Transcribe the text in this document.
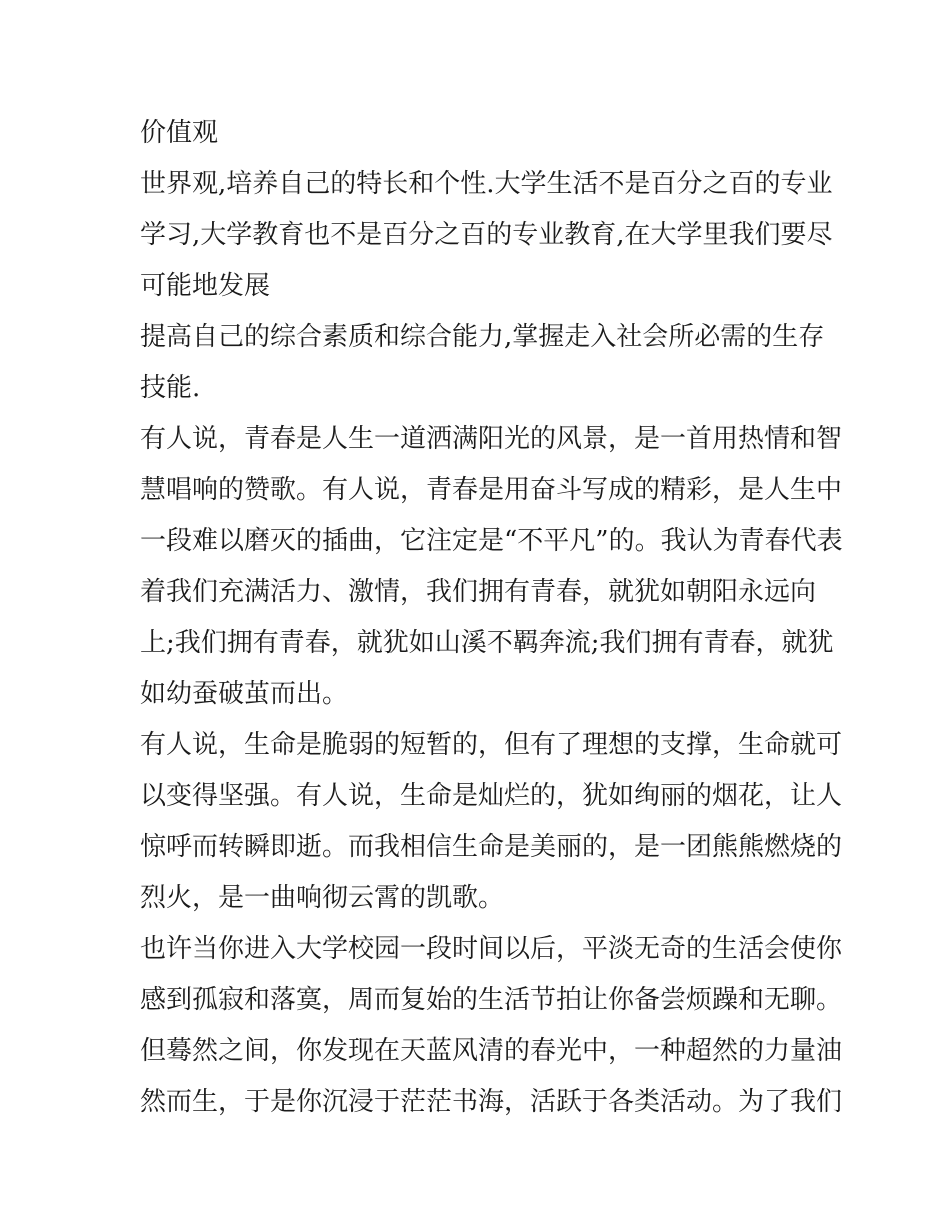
价值观
世界观,培养自己的特长和个性.大学生活不是百分之百的专业
学习,大学教育也不是百分之百的专业教育,在大学里我们要尽
可能地发展
提高自己的综合素质和综合能力,掌握走入社会所必需的生存
技能.
有人说，青春是人生一道洒满阳光的风景，是一首用热情和智
慧唱响的赞歌。有人说，青春是用奋斗写成的精彩，是人生中
一段难以磨灭的插曲，它注定是“不平凡”的。我认为青春代表
着我们充满活力、激情，我们拥有青春，就犹如朝阳永远向
上;我们拥有青春，就犹如山溪不羁奔流;我们拥有青春，就犹
如幼蚕破茧而出。
有人说，生命是脆弱的短暂的，但有了理想的支撑，生命就可
以变得坚强。有人说，生命是灿烂的，犹如绚丽的烟花，让人
惊呼而转瞬即逝。而我相信生命是美丽的，是一团熊熊燃烧的
烈火，是一曲响彻云霄的凯歌。
也许当你进入大学校园一段时间以后，平淡无奇的生活会使你
感到孤寂和落寞，周而复始的生活节拍让你备尝烦躁和无聊。
但蓦然之间，你发现在天蓝风清的春光中，一种超然的力量油
然而生，于是你沉浸于茫茫书海，活跃于各类活动。为了我们
